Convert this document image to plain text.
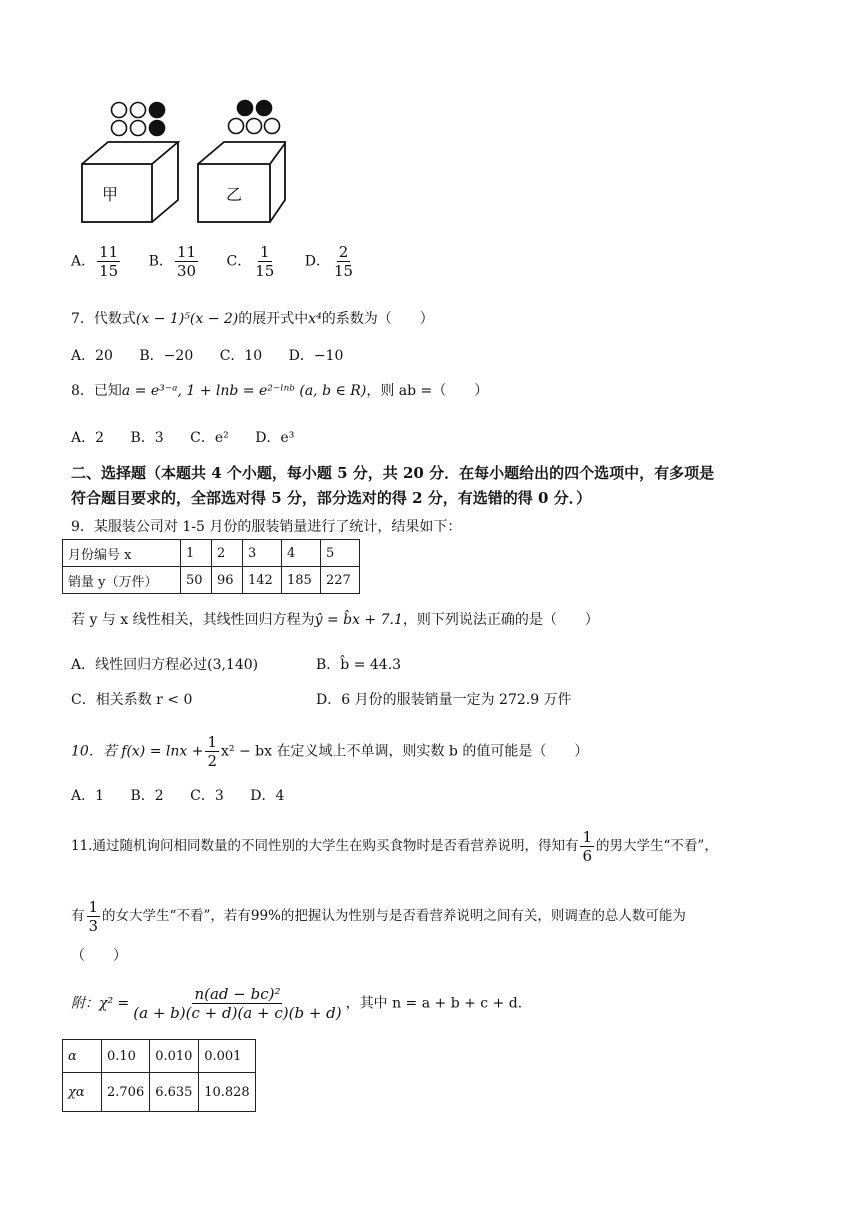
甲	乙
A． $\frac{11}{15}$ B． $\frac{11}{30}$ C． $\frac{1}{15}$ D． $\frac{2}{15}$
7．代数式(x − 1)⁵(x − 2)的展开式中x⁴的系数为（　　）
A．20 B．−20 C．10 D．−10
8．已知a = e³⁻ᵃ, 1 + lnb = e²⁻ˡⁿᵇ (a, b ∈ R)，则 ab =（　　）
A．2 B．3 C．e² D．e³
二、选择题（本题共 4 个小题，每小题 5 分，共 20 分．在每小题给出的四个选项中，有多项是
符合题目要求的，全部选对得 5 分，部分选对的得 2 分，有选错的得 0 分．）
9．某服装公司对 1-5 月份的服装销量进行了统计，结果如下：
月份编号 x	1	2	3	4	5
销量 y（万件）	50	96	142	185	227
若 y 与 x 线性相关，其线性回归方程为ŷ = b̂x + 7.1，则下列说法正确的是（　　）
A．线性回归方程必过(3,140)	B．b̂ = 44.3
C．相关系数 r < 0	D．6 月份的服装销量一定为 272.9 万件
10．若 $f(x) = \ln x + \frac{1}{2} x^2$ − bx 在定义域上不单调，则实数 b 的值可能是（　　）
A．1 B．2 C．3 D．4
11.通过随机询问相同数量的不同性别的大学生在购买食物时是否看营养说明，得知有 $\frac{1}{6}$ 的男大学生“不看”，
有 $\frac{1}{3}$ 的女大学生“不看”，若有99%的把握认为性别与是否看营养说明之间有关，则调查的总人数可能为
（　　）
附：$\chi^2 = \frac{\text{n(ad − bc)²}}{(a + b)(c + d)(a + c)(b + d)}$ ，其中 n = a + b + c + d．
α	0.10	0.010	0.001
χα	2.706	6.635	10.828
